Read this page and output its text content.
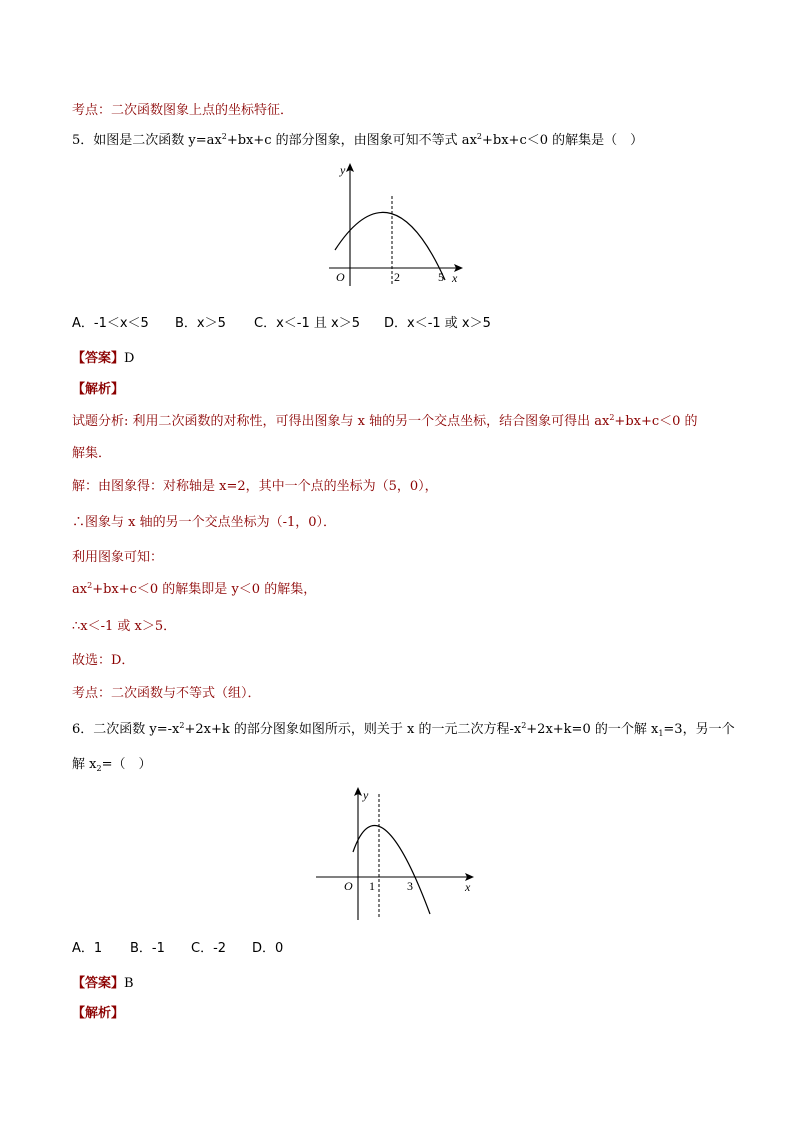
考点：二次函数图象上点的坐标特征．
5．如图是二次函数 $y=ax^2+bx+c$ 的部分图象，由图象可知不等式 $ax^2+bx+c<0$ 的解集是（　）
y
x
O	2	5
A．-1＜x＜5 B．x＞5 C．x＜-1 且 x＞5 D．x＜-1 或 x＞5
【答案】D
【解析】
试题分析: 利用二次函数的对称性，可得出图象与 x 轴的另一个交点坐标，结合图象可得出 $ax^2+bx+c<0$ 的
解集．
解：由图象得：对称轴是 x=2，其中一个点的坐标为（5，0），
∴图象与 x 轴的另一个交点坐标为（-1，0）．
利用图象可知：
$ax^2+bx+c<0$ 的解集即是 y＜0 的解集，
∴x＜-1 或 x＞5．
故选：D．
考点：二次函数与不等式（组）．
6．二次函数 $y=-x^2+2x+k$ 的部分图象如图所示，则关于 x 的一元二次方程$-x^2+2x+k=0$ 的一个解 $x_1=3$，另一个
解 $x_2=$（　）
y
x
O 1	3
A．1 B．-1 C．-2 D．0
【答案】B
【解析】
